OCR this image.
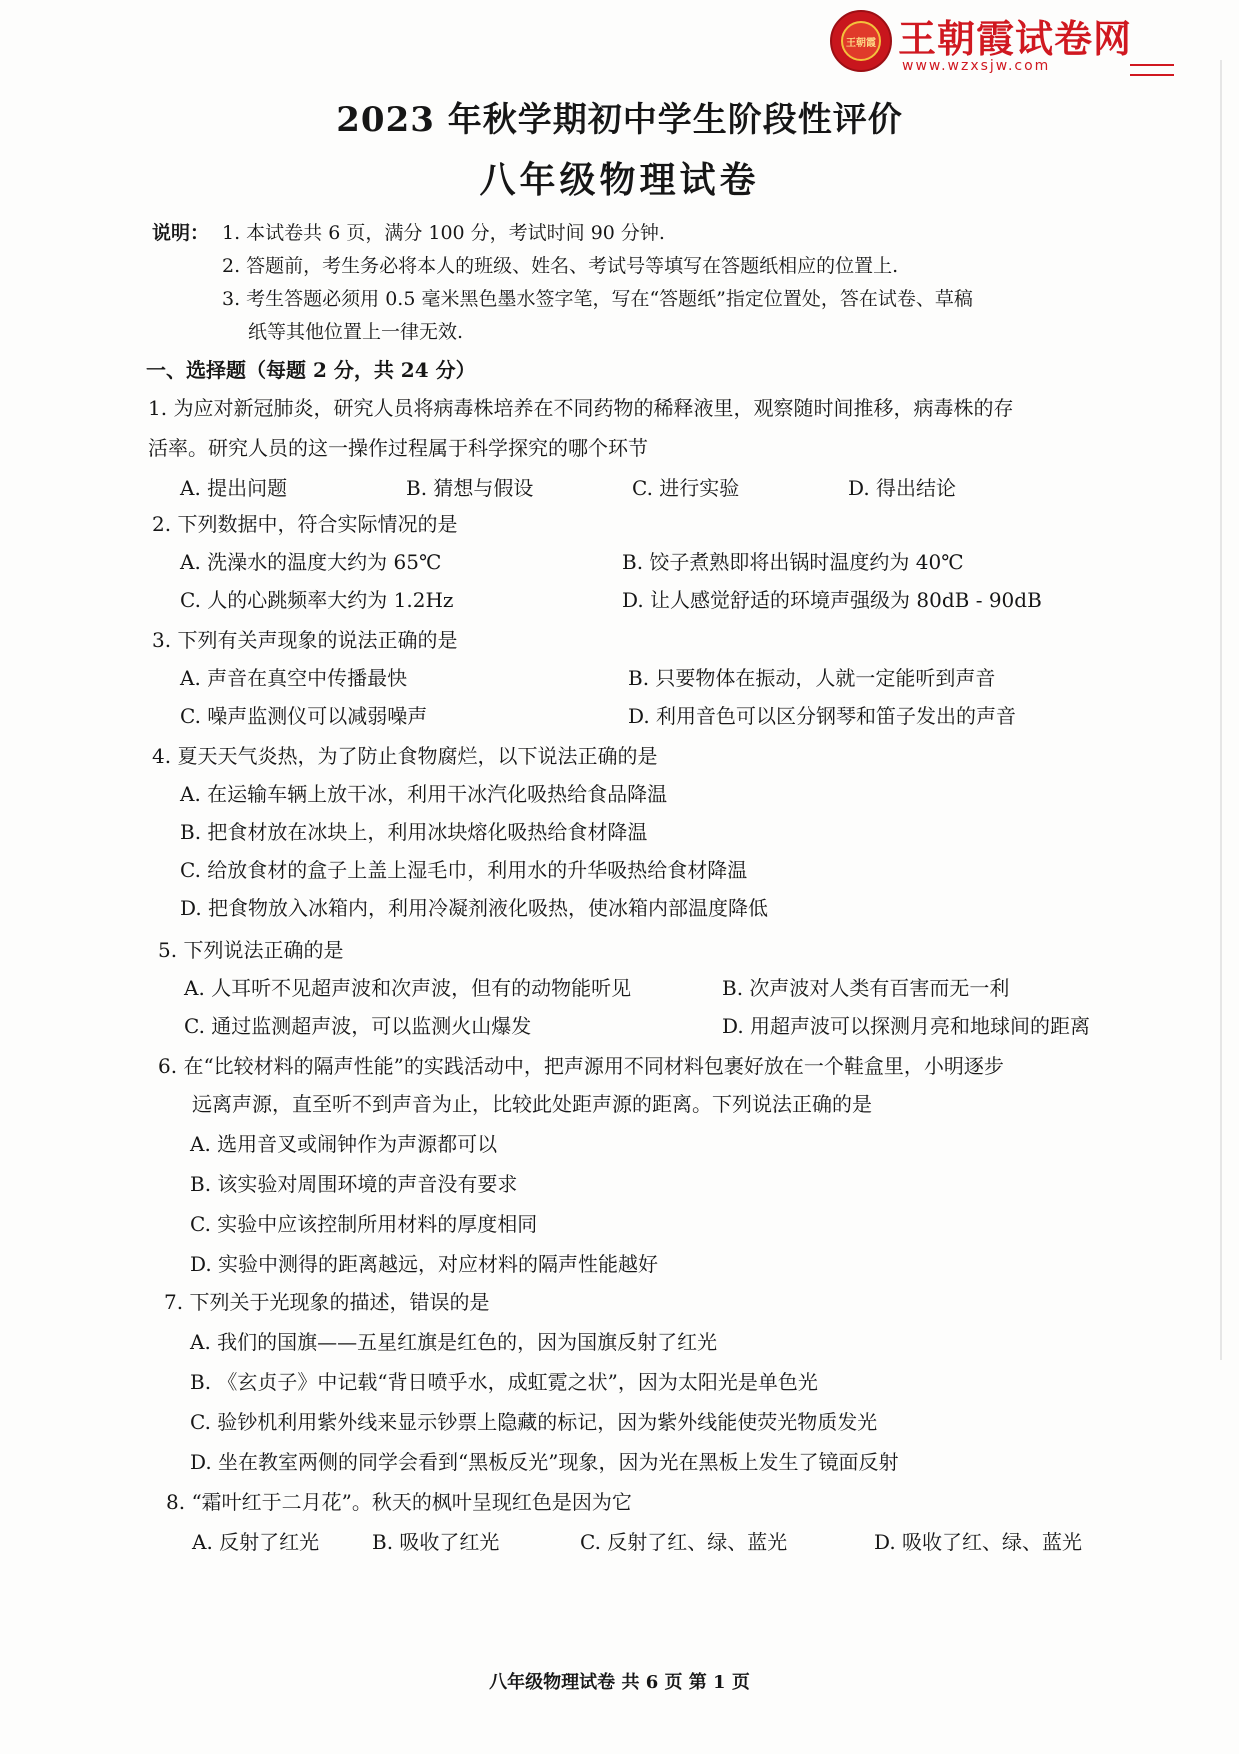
王朝霞 王朝霞试卷网
www.wzxsjw.com
2023 年秋学期初中学生阶段性评价
八年级物理试卷
说明： 1. 本试卷共 6 页，满分 100 分，考试时间 90 分钟.
2. 答题前，考生务必将本人的班级、姓名、考试号等填写在答题纸相应的位置上.
3. 考生答题必须用 0.5 毫米黑色墨水签字笔，写在“答题纸”指定位置处，答在试卷、草稿
纸等其他位置上一律无效.
一、选择题（每题 2 分，共 24 分）
1. 为应对新冠肺炎，研究人员将病毒株培养在不同药物的稀释液里，观察随时间推移，病毒株的存
活率。研究人员的这一操作过程属于科学探究的哪个环节
A. 提出问题	B. 猜想与假设	C. 进行实验	D. 得出结论
2. 下列数据中，符合实际情况的是
A. 洗澡水的温度大约为 65℃	B. 饺子煮熟即将出锅时温度约为 40℃
C. 人的心跳频率大约为 1.2Hz	D. 让人感觉舒适的环境声强级为 80dB - 90dB
3. 下列有关声现象的说法正确的是
A. 声音在真空中传播最快	B. 只要物体在振动，人就一定能听到声音
C. 噪声监测仪可以减弱噪声	D. 利用音色可以区分钢琴和笛子发出的声音
4. 夏天天气炎热，为了防止食物腐烂，以下说法正确的是
A. 在运输车辆上放干冰，利用干冰汽化吸热给食品降温
B. 把食材放在冰块上，利用冰块熔化吸热给食材降温
C. 给放食材的盒子上盖上湿毛巾，利用水的升华吸热给食材降温
D. 把食物放入冰箱内，利用冷凝剂液化吸热，使冰箱内部温度降低
5. 下列说法正确的是
A. 人耳听不见超声波和次声波，但有的动物能听见	B. 次声波对人类有百害而无一利
C. 通过监测超声波，可以监测火山爆发	D. 用超声波可以探测月亮和地球间的距离
6. 在“比较材料的隔声性能”的实践活动中，把声源用不同材料包裹好放在一个鞋盒里，小明逐步
远离声源，直至听不到声音为止，比较此处距声源的距离。下列说法正确的是
A. 选用音叉或闹钟作为声源都可以
B. 该实验对周围环境的声音没有要求
C. 实验中应该控制所用材料的厚度相同
D. 实验中测得的距离越远，对应材料的隔声性能越好
7. 下列关于光现象的描述，错误的是
A. 我们的国旗——五星红旗是红色的，因为国旗反射了红光
B. 《玄贞子》中记载“背日喷乎水，成虹霓之状”，因为太阳光是单色光
C. 验钞机利用紫外线来显示钞票上隐藏的标记，因为紫外线能使荧光物质发光
D. 坐在教室两侧的同学会看到“黑板反光”现象，因为光在黑板上发生了镜面反射
8. “霜叶红于二月花”。秋天的枫叶呈现红色是因为它
A. 反射了红光	B. 吸收了红光	C. 反射了红、绿、蓝光	D. 吸收了红、绿、蓝光
八年级物理试卷 共 6 页 第 1 页
